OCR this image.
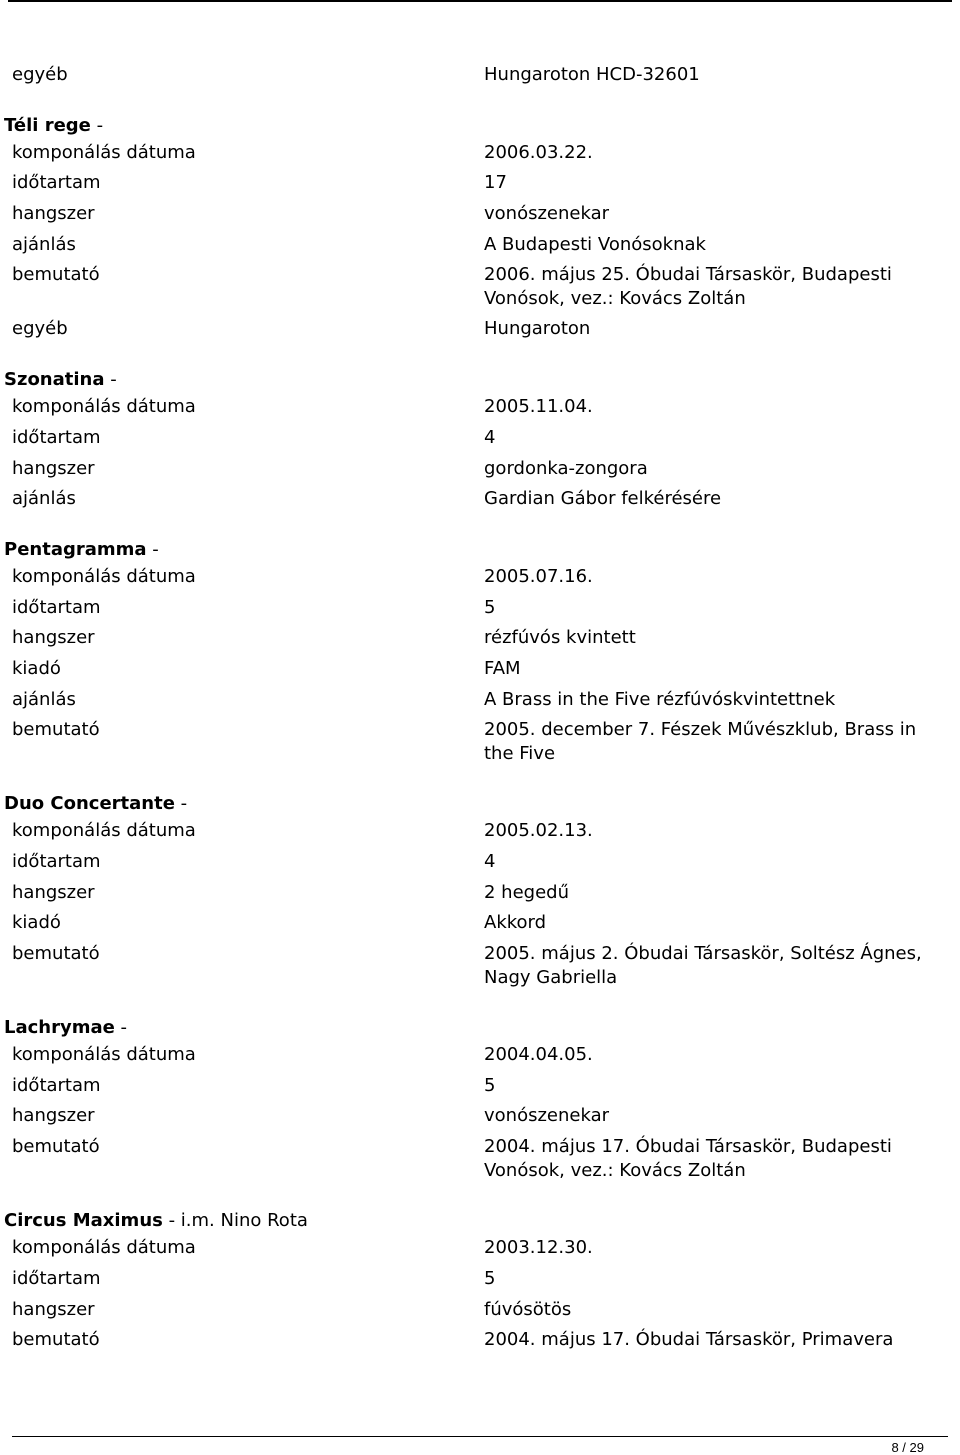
egyéb	Hungaroton HCD-32601
Téli rege -
komponálás dátuma	2006.03.22.
időtartam	17
hangszer	vonószenekar
ajánlás	A Budapesti Vonósoknak
bemutató	2006. május 25. Óbudai Társaskör, Budapesti Vonósok, vez.: Kovács Zoltán
egyéb	Hungaroton
Szonatina -
komponálás dátuma	2005.11.04.
időtartam	4
hangszer	gordonka-zongora
ajánlás	Gardian Gábor felkérésére
Pentagramma -
komponálás dátuma	2005.07.16.
időtartam	5
hangszer	rézfúvós kvintett
kiadó	FAM
ajánlás	A Brass in the Five rézfúvóskvintettnek
bemutató	2005. december 7. Fészek Művészklub, Brass in the Five
Duo Concertante -
komponálás dátuma	2005.02.13.
időtartam	4
hangszer	2 hegedű
kiadó	Akkord
bemutató	2005. május 2. Óbudai Társaskör, Soltész Ágnes, Nagy Gabriella
Lachrymae -
komponálás dátuma	2004.04.05.
időtartam	5
hangszer	vonószenekar
bemutató	2004. május 17. Óbudai Társaskör, Budapesti Vonósok, vez.: Kovács Zoltán
Circus Maximus - i.m. Nino Rota
komponálás dátuma	2003.12.30.
időtartam	5
hangszer	fúvósötös
bemutató	2004. május 17. Óbudai Társaskör, Primavera
8 / 29
